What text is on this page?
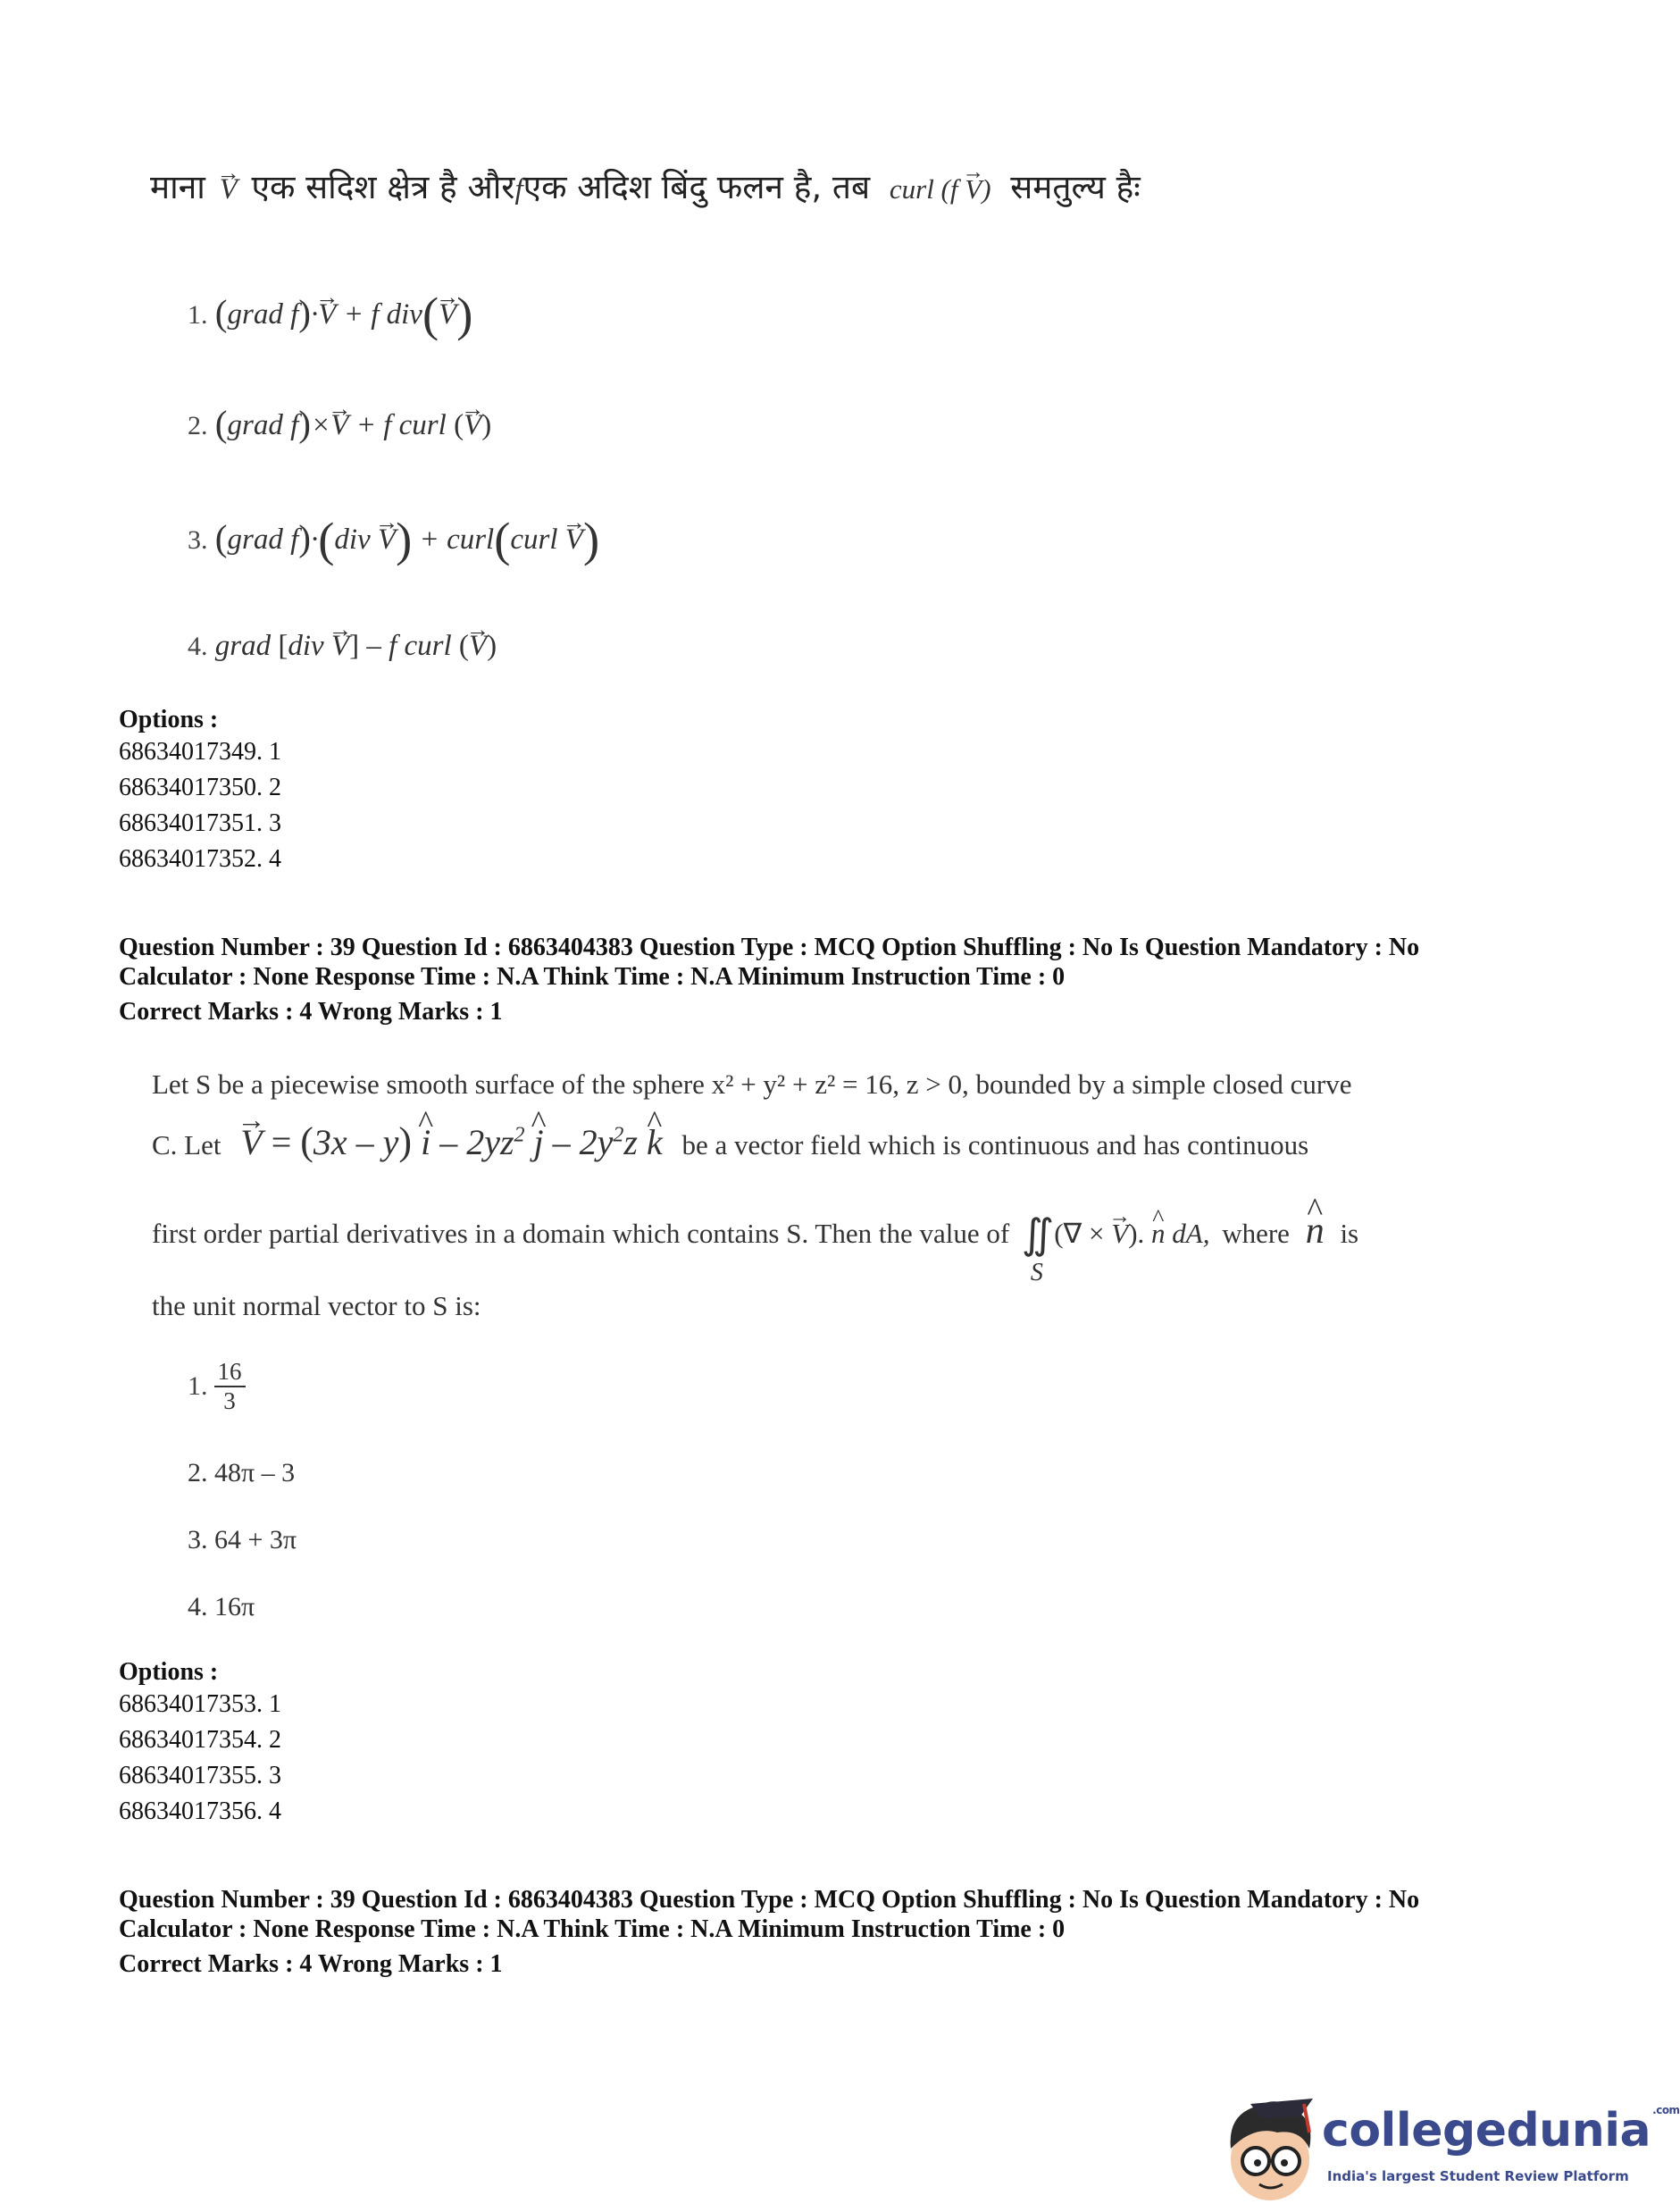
माना → V एक सदिश क्षेत्र है औरfएक अदिश बिंदु फलन है, तब curl (f → V) समतुल्य हैः
1. (grad f)·→ V + f div(→ V)
2. (grad f)×→ V + f curl (→ V)
3. (grad f)·(div → V) + curl(curl → V)
4. grad [div → V] – f curl (→ V)
Options :
68634017349. 1
68634017350. 2
68634017351. 3
68634017352. 4
Question Number : 39 Question Id : 6863404383 Question Type : MCQ Option Shuffling : No Is Question Mandatory : No
Calculator : None Response Time : N.A Think Time : N.A Minimum Instruction Time : 0
Correct Marks : 4 Wrong Marks : 1
Let S be a piecewise smooth surface of the sphere x² + y² + z² = 16, z > 0, bounded by a simple closed curve
C. Let → V = (3x – y) ^ i – $2yz^2$ ^ j – $2y^2z$ ^ k be a vector field which is continuous and has continuous
first order partial derivatives in a domain which contains S. Then the value of ∬
S
(∇ × → V). ^ n dA, where ^ n is
the unit normal vector to S is:
1. $\frac{16}{3}$
2. 48π – 3
3. 64 + 3π
4. 16π
Options :
68634017353. 1
68634017354. 2
68634017355. 3
68634017356. 4
Question Number : 39 Question Id : 6863404383 Question Type : MCQ Option Shuffling : No Is Question Mandatory : No
Calculator : None Response Time : N.A Think Time : N.A Minimum Instruction Time : 0
Correct Marks : 4 Wrong Marks : 1
collegedunia $^{.com}$
India's largest Student Review Platform
